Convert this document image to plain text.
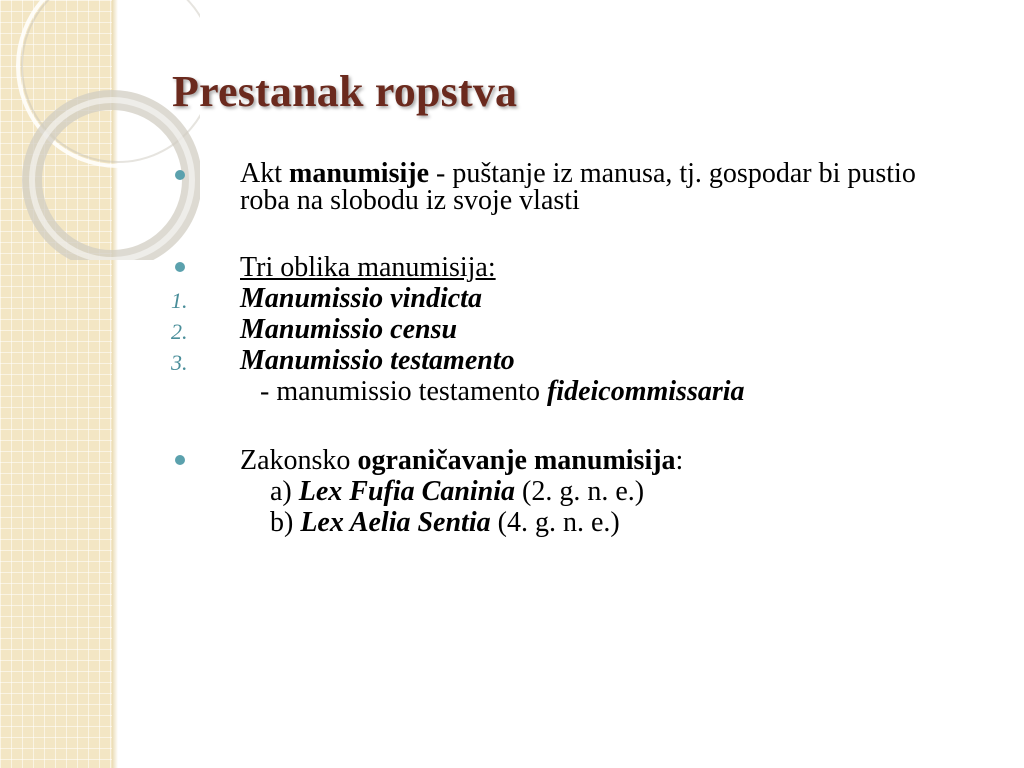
Prestanak ropstva
Akt manumisije - puštanje iz manusa, tj. gospodar bi pustio roba na slobodu iz svoje vlasti
Tri oblika manumisija:
1. Manumissio vindicta
2. Manumissio censu
3. Manumissio testamento
- manumissio testamento fideicommissaria
Zakonsko ograničavanje manumisija:
a) Lex Fufia Caninia (2. g. n. e.)
b) Lex Aelia Sentia (4. g. n. e.)
